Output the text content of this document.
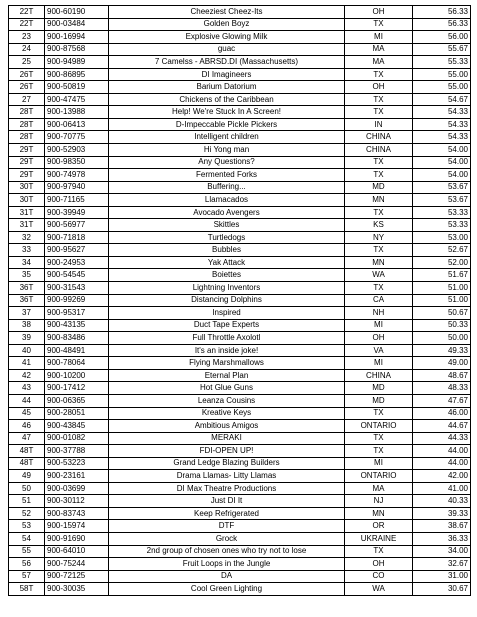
22T	900-60190	Cheeziest Cheez-Its	OH	56.33
22T	900-03484	Golden Boyz	TX	56.33
23	900-16994	Explosive Glowing Milk	MI	56.00
24	900-87568	guac	MA	55.67
25	900-94989	7 Camelss - ABRSD.DI (Massachusetts)	MA	55.33
26T	900-86895	DI Imagineers	TX	55.00
26T	900-50819	Barium Datorium	OH	55.00
27	900-47475	Chickens of the Caribbean	TX	54.67
28T	900-13988	Help! We're Stuck In A Screen!	TX	54.33
28T	900-06413	D-Impeccable Pickle Pickers	IN	54.33
28T	900-70775	Intelligent children	CHINA	54.33
29T	900-52903	Hi Yong man	CHINA	54.00
29T	900-98350	Any Questions?	TX	54.00
29T	900-74978	Fermented Forks	TX	54.00
30T	900-97940	Buffering...	MD	53.67
30T	900-71165	Llamacados	MN	53.67
31T	900-39949	Avocado Avengers	TX	53.33
31T	900-56977	Skittles	KS	53.33
32	900-71818	Turtledogs	NY	53.00
33	900-95627	Bubbles	TX	52.67
34	900-24953	Yak Attack	MN	52.00
35	900-54545	Boiettes	WA	51.67
36T	900-31543	Lightning Inventors	TX	51.00
36T	900-99269	Distancing Dolphins	CA	51.00
37	900-95317	Inspired	NH	50.67
38	900-43135	Duct Tape Experts	MI	50.33
39	900-83486	Full Throttle Axolotl	OH	50.00
40	900-48491	It's an inside joke!	VA	49.33
41	900-78064	Flying Marshmallows	MI	49.00
42	900-10200	Eternal Plan	CHINA	48.67
43	900-17412	Hot Glue Guns	MD	48.33
44	900-06365	Leanza Cousins	MD	47.67
45	900-28051	Kreative Keys	TX	46.00
46	900-43845	Ambitious Amigos	ONTARIO	44.67
47	900-01082	MERAKI	TX	44.33
48T	900-37788	FDI-OPEN UP!	TX	44.00
48T	900-53223	Grand Ledge Blazing Builders	MI	44.00
49	900-23161	Drama Llamas- Litty Llamas	ONTARIO	42.00
50	900-03699	DI Max Theatre Productions	MA	41.00
51	900-30112	Just DI It	NJ	40.33
52	900-83743	Keep Refrigerated	MN	39.33
53	900-15974	DTF	OR	38.67
54	900-91690	Grock	UKRAINE	36.33
55	900-64010	2nd group of chosen ones who try not to lose	TX	34.00
56	900-75244	Fruit Loops in the Jungle	OH	32.67
57	900-72125	DA	CO	31.00
58T	900-30035	Cool Green Lighting	WA	30.67
